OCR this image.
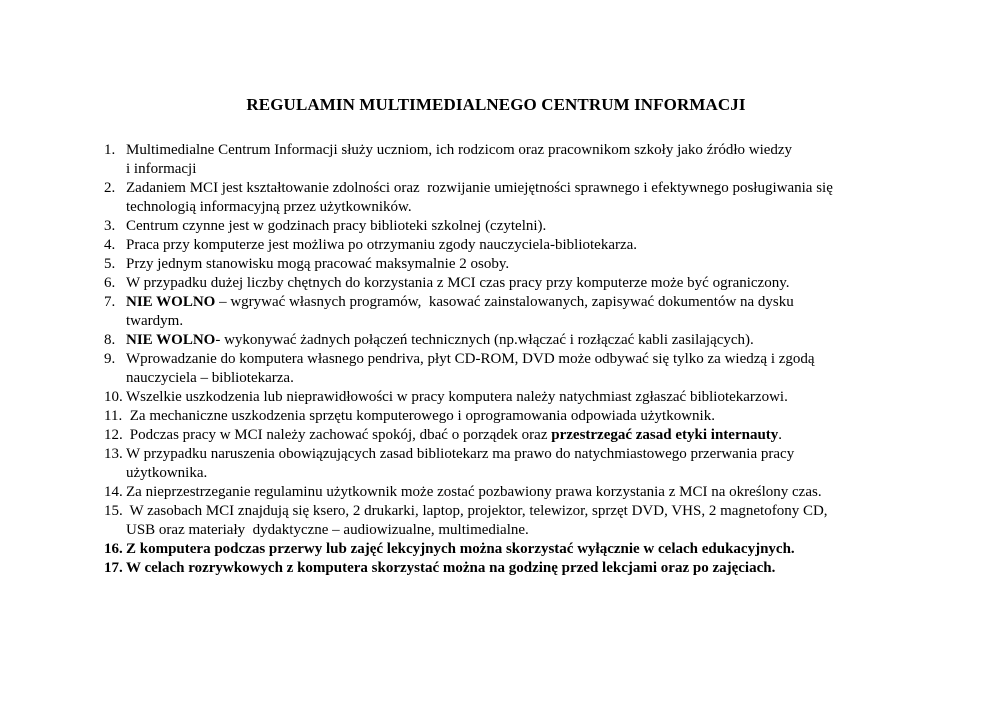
REGULAMIN MULTIMEDIALNEGO CENTRUM INFORMACJI
1. Multimedialne Centrum Informacji służy uczniom, ich rodzicom oraz pracownikom szkoły jako źródło wiedzy
i informacji
2. Zadaniem MCI jest kształtowanie zdolności oraz  rozwijanie umiejętności sprawnego i efektywnego posługiwania się
technologią informacyjną przez użytkowników.
3. Centrum czynne jest w godzinach pracy biblioteki szkolnej (czytelni).
4. Praca przy komputerze jest możliwa po otrzymaniu zgody nauczyciela-bibliotekarza.
5. Przy jednym stanowisku mogą pracować maksymalnie 2 osoby.
6. W przypadku dużej liczby chętnych do korzystania z MCI czas pracy przy komputerze może być ograniczony.
7. NIE WOLNO – wgrywać własnych programów,  kasować zainstalowanych, zapisywać dokumentów na dysku
twardym.
8. NIE WOLNO- wykonywać żadnych połączeń technicznych (np.włączać i rozłączać kabli zasilających).
9. Wprowadzanie do komputera własnego pendriva, płyt CD-ROM, DVD może odbywać się tylko za wiedzą i zgodą
nauczyciela – bibliotekarza.
10. Wszelkie uszkodzenia lub nieprawidłowości w pracy komputera należy natychmiast zgłaszać bibliotekarzowi.
11. Za mechaniczne uszkodzenia sprzętu komputerowego i oprogramowania odpowiada użytkownik.
12. Podczas pracy w MCI należy zachować spokój, dbać o porządek oraz przestrzegać zasad etyki internauty.
13. W przypadku naruszenia obowiązujących zasad bibliotekarz ma prawo do natychmiastowego przerwania pracy
użytkownika.
14. Za nieprzestrzeganie regulaminu użytkownik może zostać pozbawiony prawa korzystania z MCI na określony czas.
15. W zasobach MCI znajdują się ksero, 2 drukarki, laptop, projektor, telewizor, sprzęt DVD, VHS, 2 magnetofony CD,
USB oraz materiały  dydaktyczne – audiowizualne, multimedialne.
16. Z komputera podczas przerwy lub zajęć lekcyjnych można skorzystać wyłącznie w celach edukacyjnych.
17. W celach rozrywkowych z komputera skorzystać można na godzinę przed lekcjami oraz po zajęciach.
